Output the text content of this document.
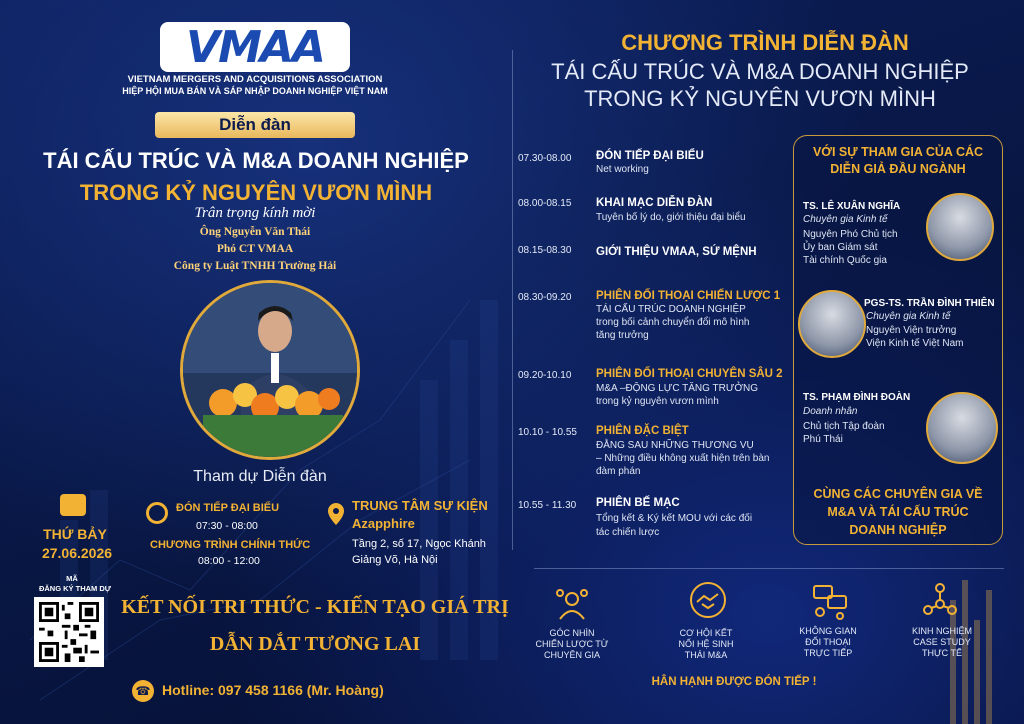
VMAA
VIETNAM MERGERS AND ACQUISITIONS ASSOCIATION
HIỆP HỘI MUA BÁN VÀ SÁP NHẬP DOANH NGHIỆP VIỆT NAM
Diễn đàn
TÁI CẤU TRÚC VÀ M&A DOANH NGHIỆP
TRONG KỶ NGUYÊN VƯƠN MÌNH
Trân trọng kính mời
Ông Nguyễn Văn Thái
Phó CT VMAA
Công ty Luật TNHH Trường Hải
Tham dự Diễn đàn
THỨ BẢY
27.06.2026
ĐÓN TIẾP ĐẠI BIỂU
07:30 - 08:00
CHƯƠNG TRÌNH CHÍNH THỨC
08:00 - 12:00
TRUNG TÂM SỰ KIỆN
Azapphire
Tầng 2, số 17, Ngọc Khánh
Giảng Võ, Hà Nội
MÃ
ĐĂNG KÝ THAM DỰ
KẾT NỐI TRI THỨC - KIẾN TẠO GIÁ TRỊ
DẪN DẮT TƯƠNG LAI
☎ Hotline: 097 458 1166 (Mr. Hoàng)
CHƯƠNG TRÌNH DIỄN ĐÀN
TÁI CẤU TRÚC VÀ M&A DOANH NGHIỆP
TRONG KỶ NGUYÊN VƯƠN MÌNH
07.30-08.00	ĐÓN TIẾP ĐẠI BIỂU
Net working
08.00-08.15	KHAI MẠC DIỄN ĐÀN
Tuyên bố lý do, giới thiệu đại biểu
08.15-08.30	GIỚI THIỆU VMAA, SỨ MỆNH
08.30-09.20	PHIÊN ĐỐI THOẠI CHIẾN LƯỢC 1
TÁI CẤU TRÚC DOANH NGHIỆP
trong bối cảnh chuyển đổi mô hình
tăng trưởng
09.20-10.10	PHIÊN ĐỐI THOẠI CHUYÊN SÂU 2
M&A –ĐỘNG LỰC TĂNG TRƯỞNG
trong kỷ nguyên vươn mình
10.10 - 10.55	PHIÊN ĐẶC BIỆT
ĐẰNG SAU NHỮNG THƯƠNG VỤ
– Những điều không xuất hiện trên bàn
đàm phán
10.55 - 11.30	PHIÊN BẾ MẠC
Tổng kết & Ký kết MOU với các đối
tác chiến lược
VỚI SỰ THAM GIA CỦA CÁC
DIỄN GIẢ ĐẦU NGÀNH
TS. LÊ XUÂN NGHĨA
Chuyên gia Kinh tế
Nguyên Phó Chủ tịch
Ủy ban Giám sát
Tài chính Quốc gia
PGS-TS. TRẦN ĐÌNH THIÊN
Chuyên gia Kinh tế
Nguyên Viện trưởng
Viện Kinh tế Việt Nam
TS. PHẠM ĐÌNH ĐOÀN
Doanh nhân
Chủ tịch Tập đoàn
Phú Thái
CÙNG CÁC CHUYÊN GIA VỀ
M&A VÀ TÁI CẤU TRÚC
DOANH NGHIỆP
GÓC NHÌN
CHIẾN LƯỢC TỪ
CHUYÊN GIA
CƠ HỘI KẾT
NỐI HỆ SINH
THÁI M&A
KHÔNG GIAN
ĐỐI THOẠI
TRỰC TIẾP
KINH NGHIỆM
CASE STUDY
THỰC TẾ
HÂN HẠNH ĐƯỢC ĐÓN TIẾP !
